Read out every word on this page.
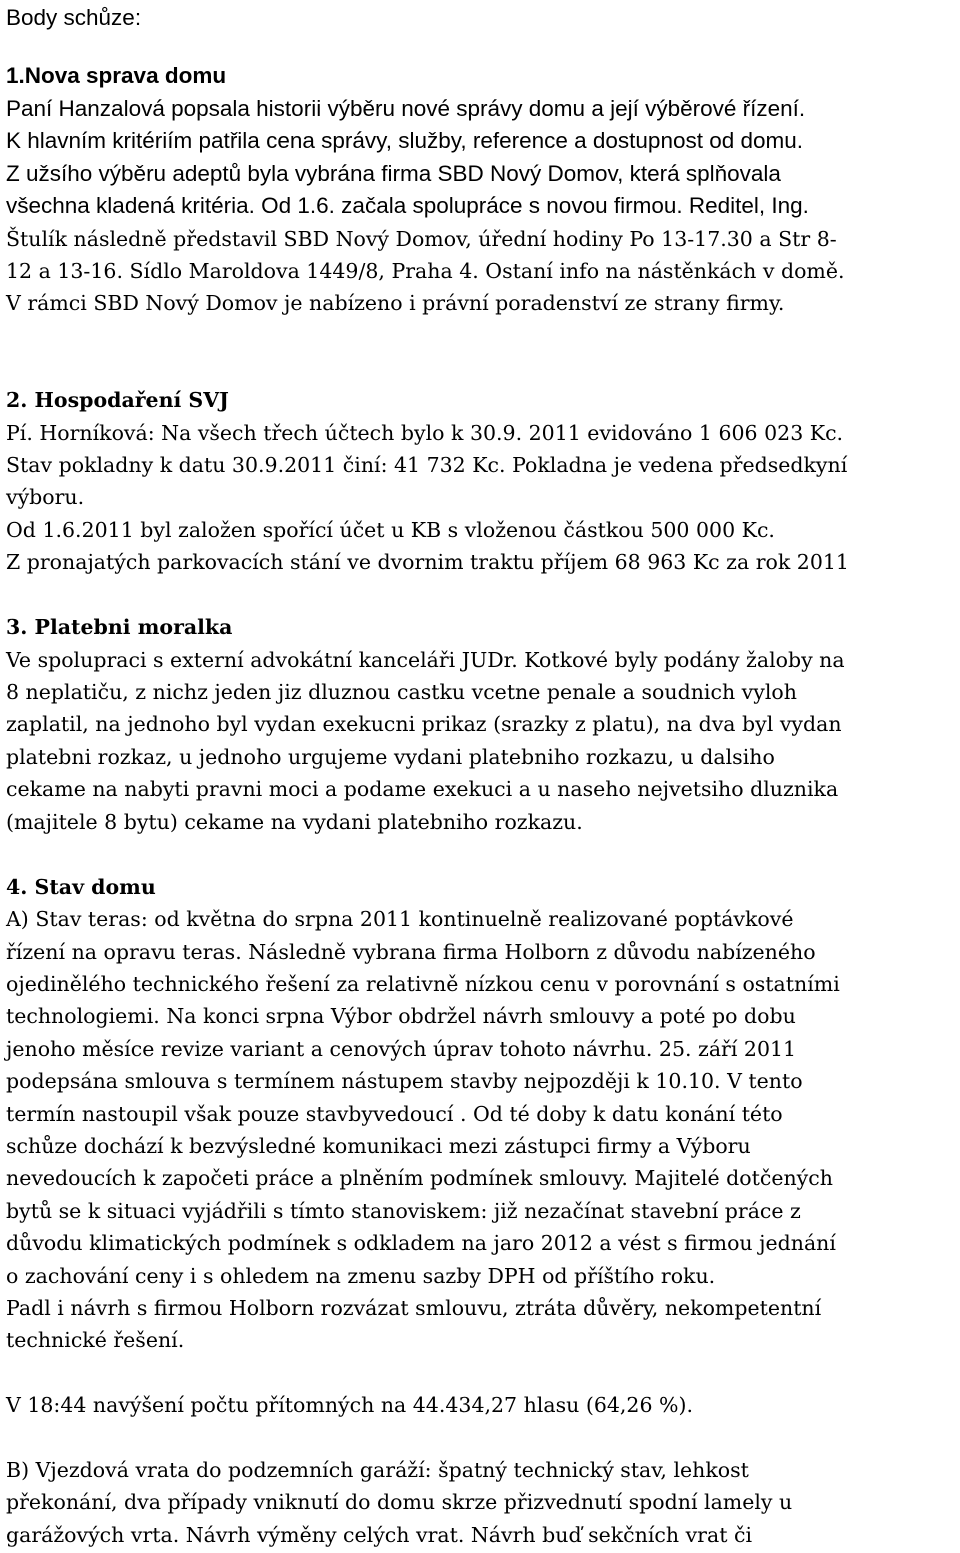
Body schůze:
1.Nova sprava domu
Paní Hanzalová popsala historii výběru nové správy domu a její výběrové řízení.
K hlavním kritériím patřila cena správy, služby, reference a dostupnost od domu.
Z užsího výběru adeptů byla vybrána firma SBD Nový Domov, která splňovala
všechna kladená kritéria. Od 1.6. začala spolupráce s novou firmou. Reditel, Ing.
Štulík následně představil SBD Nový Domov, úřední hodiny Po 13-17.30 a Str 8-
12 a 13-16. Sídlo Maroldova 1449/8, Praha 4. Ostaní info na nástěnkách v domě.
V rámci SBD Nový Domov je nabízeno i právní poradenství ze strany firmy.
2. Hospodaření SVJ
Pí. Horníková: Na všech třech účtech bylo k 30.9. 2011 evidováno 1 606 023 Kc.
Stav pokladny k datu 30.9.2011 činí: 41 732 Kc. Pokladna je vedena předsedkyní
výboru.
Od 1.6.2011 byl založen spořící účet u KB s vloženou částkou 500 000 Kc.
Z pronajatých parkovacích stání ve dvornim traktu příjem 68 963 Kc za rok 2011
3. Platebni moralka
Ve spolupraci s externí advokátní kanceláři JUDr. Kotkové byly podány žaloby na
8 neplatiču, z nichz jeden jiz dluznou castku vcetne penale a soudnich vyloh
zaplatil, na jednoho byl vydan exekucni prikaz (srazky z platu), na dva byl vydan
platebni rozkaz, u jednoho urgujeme vydani platebniho rozkazu, u dalsiho
cekame na nabyti pravni moci a podame exekuci a u naseho nejvetsiho dluznika
(majitele 8 bytu) cekame na vydani platebniho rozkazu.
4. Stav domu
A) Stav teras: od května do srpna 2011 kontinuelně realizované poptávkové
řízení na opravu teras. Následně vybrana firma Holborn z důvodu nabízeného
ojedinělého technického řešení za relativně nízkou cenu v porovnání s ostatními
technologiemi. Na konci srpna Výbor obdržel návrh smlouvy a poté po dobu
jenoho měsíce revize variant a cenových úprav tohoto návrhu. 25. září 2011
podepsána smlouva s termínem nástupem stavby nejpozději k 10.10. V tento
termín nastoupil však pouze stavbyvedoucí . Od té doby k datu konání této
schůze dochází k bezvýsledné komunikaci mezi zástupci firmy a Výboru
nevedoucích k započeti práce a plněním podmínek smlouvy. Majitelé dotčených
bytů se k situaci vyjádřili s tímto stanoviskem: již nezačínat stavební práce z
důvodu klimatických podmínek s odkladem na jaro 2012 a vést s firmou jednání
o zachování ceny i s ohledem na zmenu sazby DPH od příštího roku.
Padl i návrh s firmou Holborn rozvázat smlouvu, ztráta důvěry, nekompetentní
technické řešení.
V 18:44 navýšení počtu přítomných na 44.434,27 hlasu (64,26 %).
B) Vjezdová vrata do podzemních garáží: špatný technický stav, lehkost
překonání, dva případy vniknutí do domu skrze přizvednutí spodní lamely u
garážových vrta. Návrh výměny celých vrat. Návrh buď sekčních vrat či
